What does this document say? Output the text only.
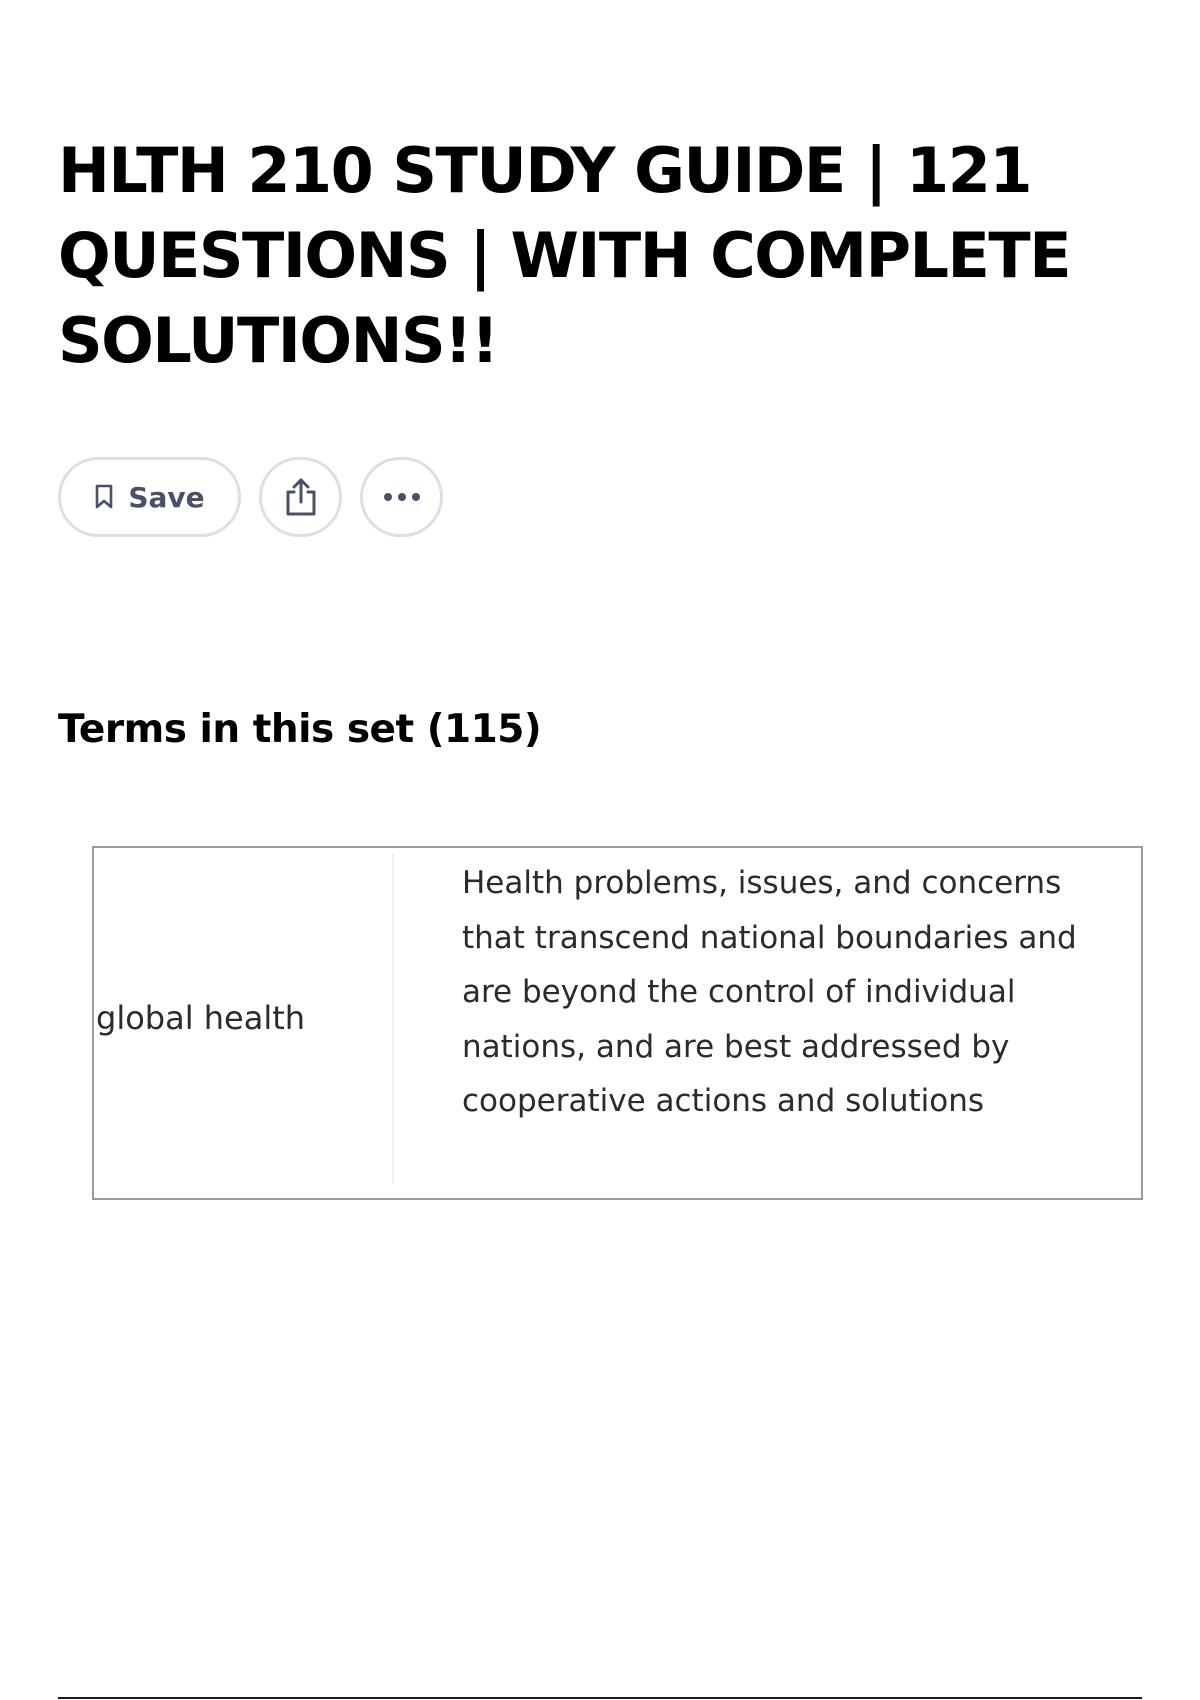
HLTH 210 STUDY GUIDE | 121 QUESTIONS | WITH COMPLETE SOLUTIONS!!
Save
Terms in this set (115)
global health
Health problems, issues, and concerns that transcend national boundaries and are beyond the control of individual nations, and are best addressed by cooperative actions and solutions
